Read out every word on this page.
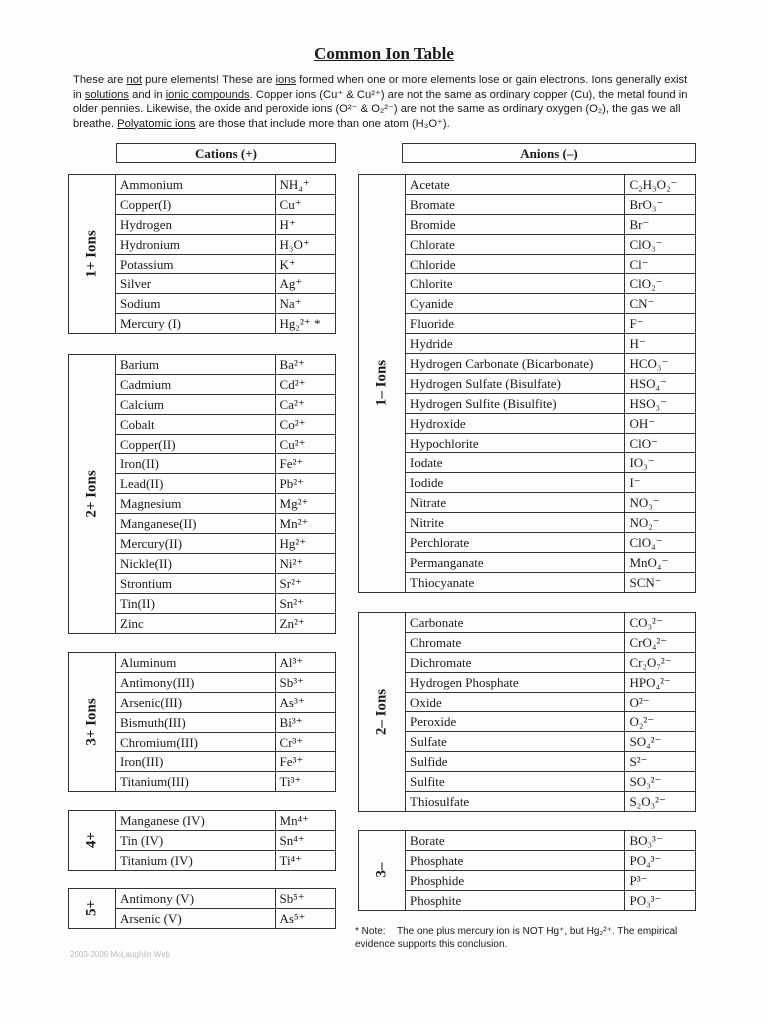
Common Ion Table
These are not pure elements! These are ions formed when one or more elements lose or gain electrons. Ions generally exist in solutions and in ionic compounds. Copper ions (Cu⁺ & Cu²⁺) are not the same as ordinary copper (Cu), the metal found in older pennies. Likewise, the oxide and peroxide ions (O²⁻ & O₂²⁻) are not the same as ordinary oxygen (O₂), the gas we all breathe. Polyatomic ions are those that include more than one atom (H₃O⁺).
Cations (+)	Anions (–)
1+ Ions
Ammonium	NH₄⁺
Copper(I)	Cu⁺
Hydrogen	H⁺
Hydronium	H₃O⁺
Potassium	K⁺
Silver	Ag⁺
Sodium	Na⁺
Mercury (I)	Hg₂²⁺ *
2+ Ions
Barium	Ba²⁺
Cadmium	Cd²⁺
Calcium	Ca²⁺
Cobalt	Co²⁺
Copper(II)	Cu²⁺
Iron(II)	Fe²⁺
Lead(II)	Pb²⁺
Magnesium	Mg²⁺
Manganese(II)	Mn²⁺
Mercury(II)	Hg²⁺
Nickle(II)	Ni²⁺
Strontium	Sr²⁺
Tin(II)	Sn²⁺
Zinc	Zn²⁺
3+ Ions
Aluminum	Al³⁺
Antimony(III)	Sb³⁺
Arsenic(III)	As³⁺
Bismuth(III)	Bi³⁺
Chromium(III)	Cr³⁺
Iron(III)	Fe³⁺
Titanium(III)	Ti³⁺
4+
Manganese (IV)	Mn⁴⁺
Tin (IV)	Sn⁴⁺
Titanium (IV)	Ti⁴⁺
5+
Antimony (V)	Sb⁵⁺
Arsenic (V)	As⁵⁺
1– Ions
Acetate	C₂H₃O₂⁻
Bromate	BrO₃⁻
Bromide	Br⁻
Chlorate	ClO₃⁻
Chloride	Cl⁻
Chlorite	ClO₂⁻
Cyanide	CN⁻
Fluoride	F⁻
Hydride	H⁻
Hydrogen Carbonate (Bicarbonate)	HCO₃⁻
Hydrogen Sulfate (Bisulfate)	HSO₄⁻
Hydrogen Sulfite (Bisulfite)	HSO₃⁻
Hydroxide	OH⁻
Hypochlorite	ClO⁻
Iodate	IO₃⁻
Iodide	I⁻
Nitrate	NO₃⁻
Nitrite	NO₂⁻
Perchlorate	ClO₄⁻
Permanganate	MnO₄⁻
Thiocyanate	SCN⁻
2– Ions
Carbonate	CO₃²⁻
Chromate	CrO₄²⁻
Dichromate	Cr₂O₇²⁻
Hydrogen Phosphate	HPO₄²⁻
Oxide	O²⁻
Peroxide	O₂²⁻
Sulfate	SO₄²⁻
Sulfide	S²⁻
Sulfite	SO₃²⁻
Thiosulfate	S₂O₃²⁻
3–
Borate	BO₃³⁻
Phosphate	PO₄³⁻
Phosphide	P³⁻
Phosphite	PO₃³⁻
* Note: The one plus mercury ion is NOT Hg⁺, but Hg₂²⁺. The empirical evidence supports this conclusion.
2003-2006 McLaughlin Web
